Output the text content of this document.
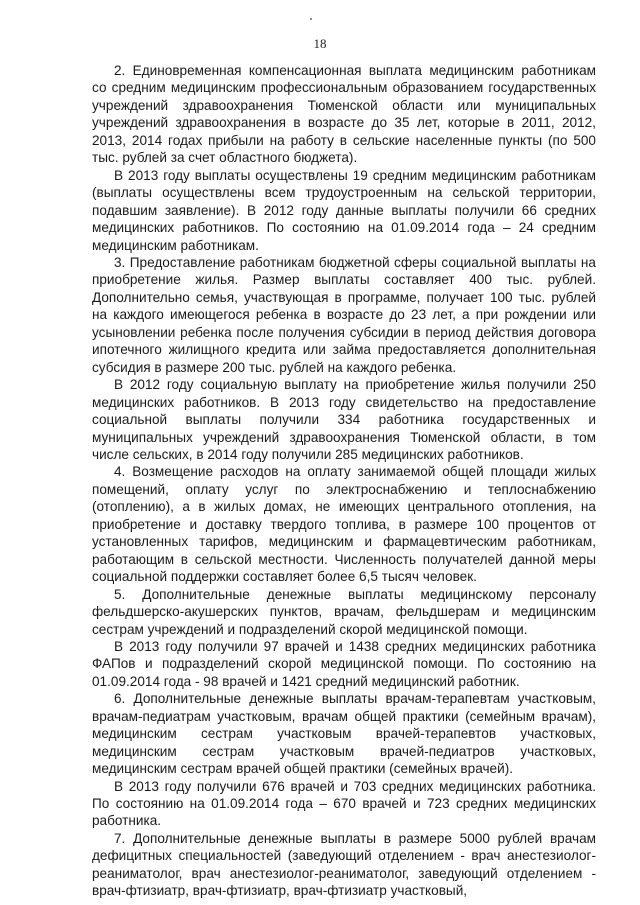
18

2. Единовременная компенсационная выплата медицинским работникам со средним медицинским профессиональным образованием государственных учреждений здравоохранения Тюменской области или муниципальных учреждений здравоохранения в возрасте до 35 лет, которые в 2011, 2012, 2013, 2014 годах прибыли на работу в сельские населенные пункты (по 500 тыс. рублей за счет областного бюджета).

В 2013 году выплаты осуществлены 19 средним медицинским работникам (выплаты осуществлены всем трудоустроенным на сельской территории, подавшим заявление). В 2012 году данные выплаты получили 66 средних медицинских работников. По состоянию на 01.09.2014 года – 24 средним медицинским работникам.

3. Предоставление работникам бюджетной сферы социальной выплаты на приобретение жилья. Размер выплаты составляет 400 тыс. рублей. Дополнительно семья, участвующая в программе, получает 100 тыс. рублей на каждого имеющегося ребенка в возрасте до 23 лет, а при рождении или усыновлении ребенка после получения субсидии в период действия договора ипотечного жилищного кредита или займа предоставляется дополнительная субсидия в размере 200 тыс. рублей на каждого ребенка.

В 2012 году социальную выплату на приобретение жилья получили 250 медицинских работников. В 2013 году свидетельство на предоставление социальной выплаты получили 334 работника государственных и муниципальных учреждений здравоохранения Тюменской области, в том числе сельских, в 2014 году получили 285 медицинских работников.

4. Возмещение расходов на оплату занимаемой общей площади жилых помещений, оплату услуг по электроснабжению и теплоснабжению (отоплению), а в жилых домах, не имеющих центрального отопления, на приобретение и доставку твердого топлива, в размере 100 процентов от установленных тарифов, медицинским и фармацевтическим работникам, работающим в сельской местности. Численность получателей данной меры социальной поддержки составляет более 6,5 тысяч человек.

5. Дополнительные денежные выплаты медицинскому персоналу фельдшерско-акушерских пунктов, врачам, фельдшерам и медицинским сестрам учреждений и подразделений скорой медицинской помощи.

В 2013 году получили 97 врачей и 1438 средних медицинских работника ФАПов и подразделений скорой медицинской помощи. По состоянию на 01.09.2014 года - 98 врачей и 1421 средний медицинский работник.

6. Дополнительные денежные выплаты врачам-терапевтам участковым, врачам-педиатрам участковым, врачам общей практики (семейным врачам), медицинским сестрам участковым врачей-терапевтов участковых, медицинским сестрам участковым врачей-педиатров участковых, медицинским сестрам врачей общей практики (семейных врачей).

В 2013 году получили 676 врачей и 703 средних медицинских работника. По состоянию на 01.09.2014 года – 670 врачей и 723 средних медицинских работника.

7. Дополнительные денежные выплаты в размере 5000 рублей врачам дефицитных специальностей (заведующий отделением - врач анестезиолог-реаниматолог, врач анестезиолог-реаниматолог, заведующий отделением - врач-фтизиатр, врач-фтизиатр, врач-фтизиатр участковый,
